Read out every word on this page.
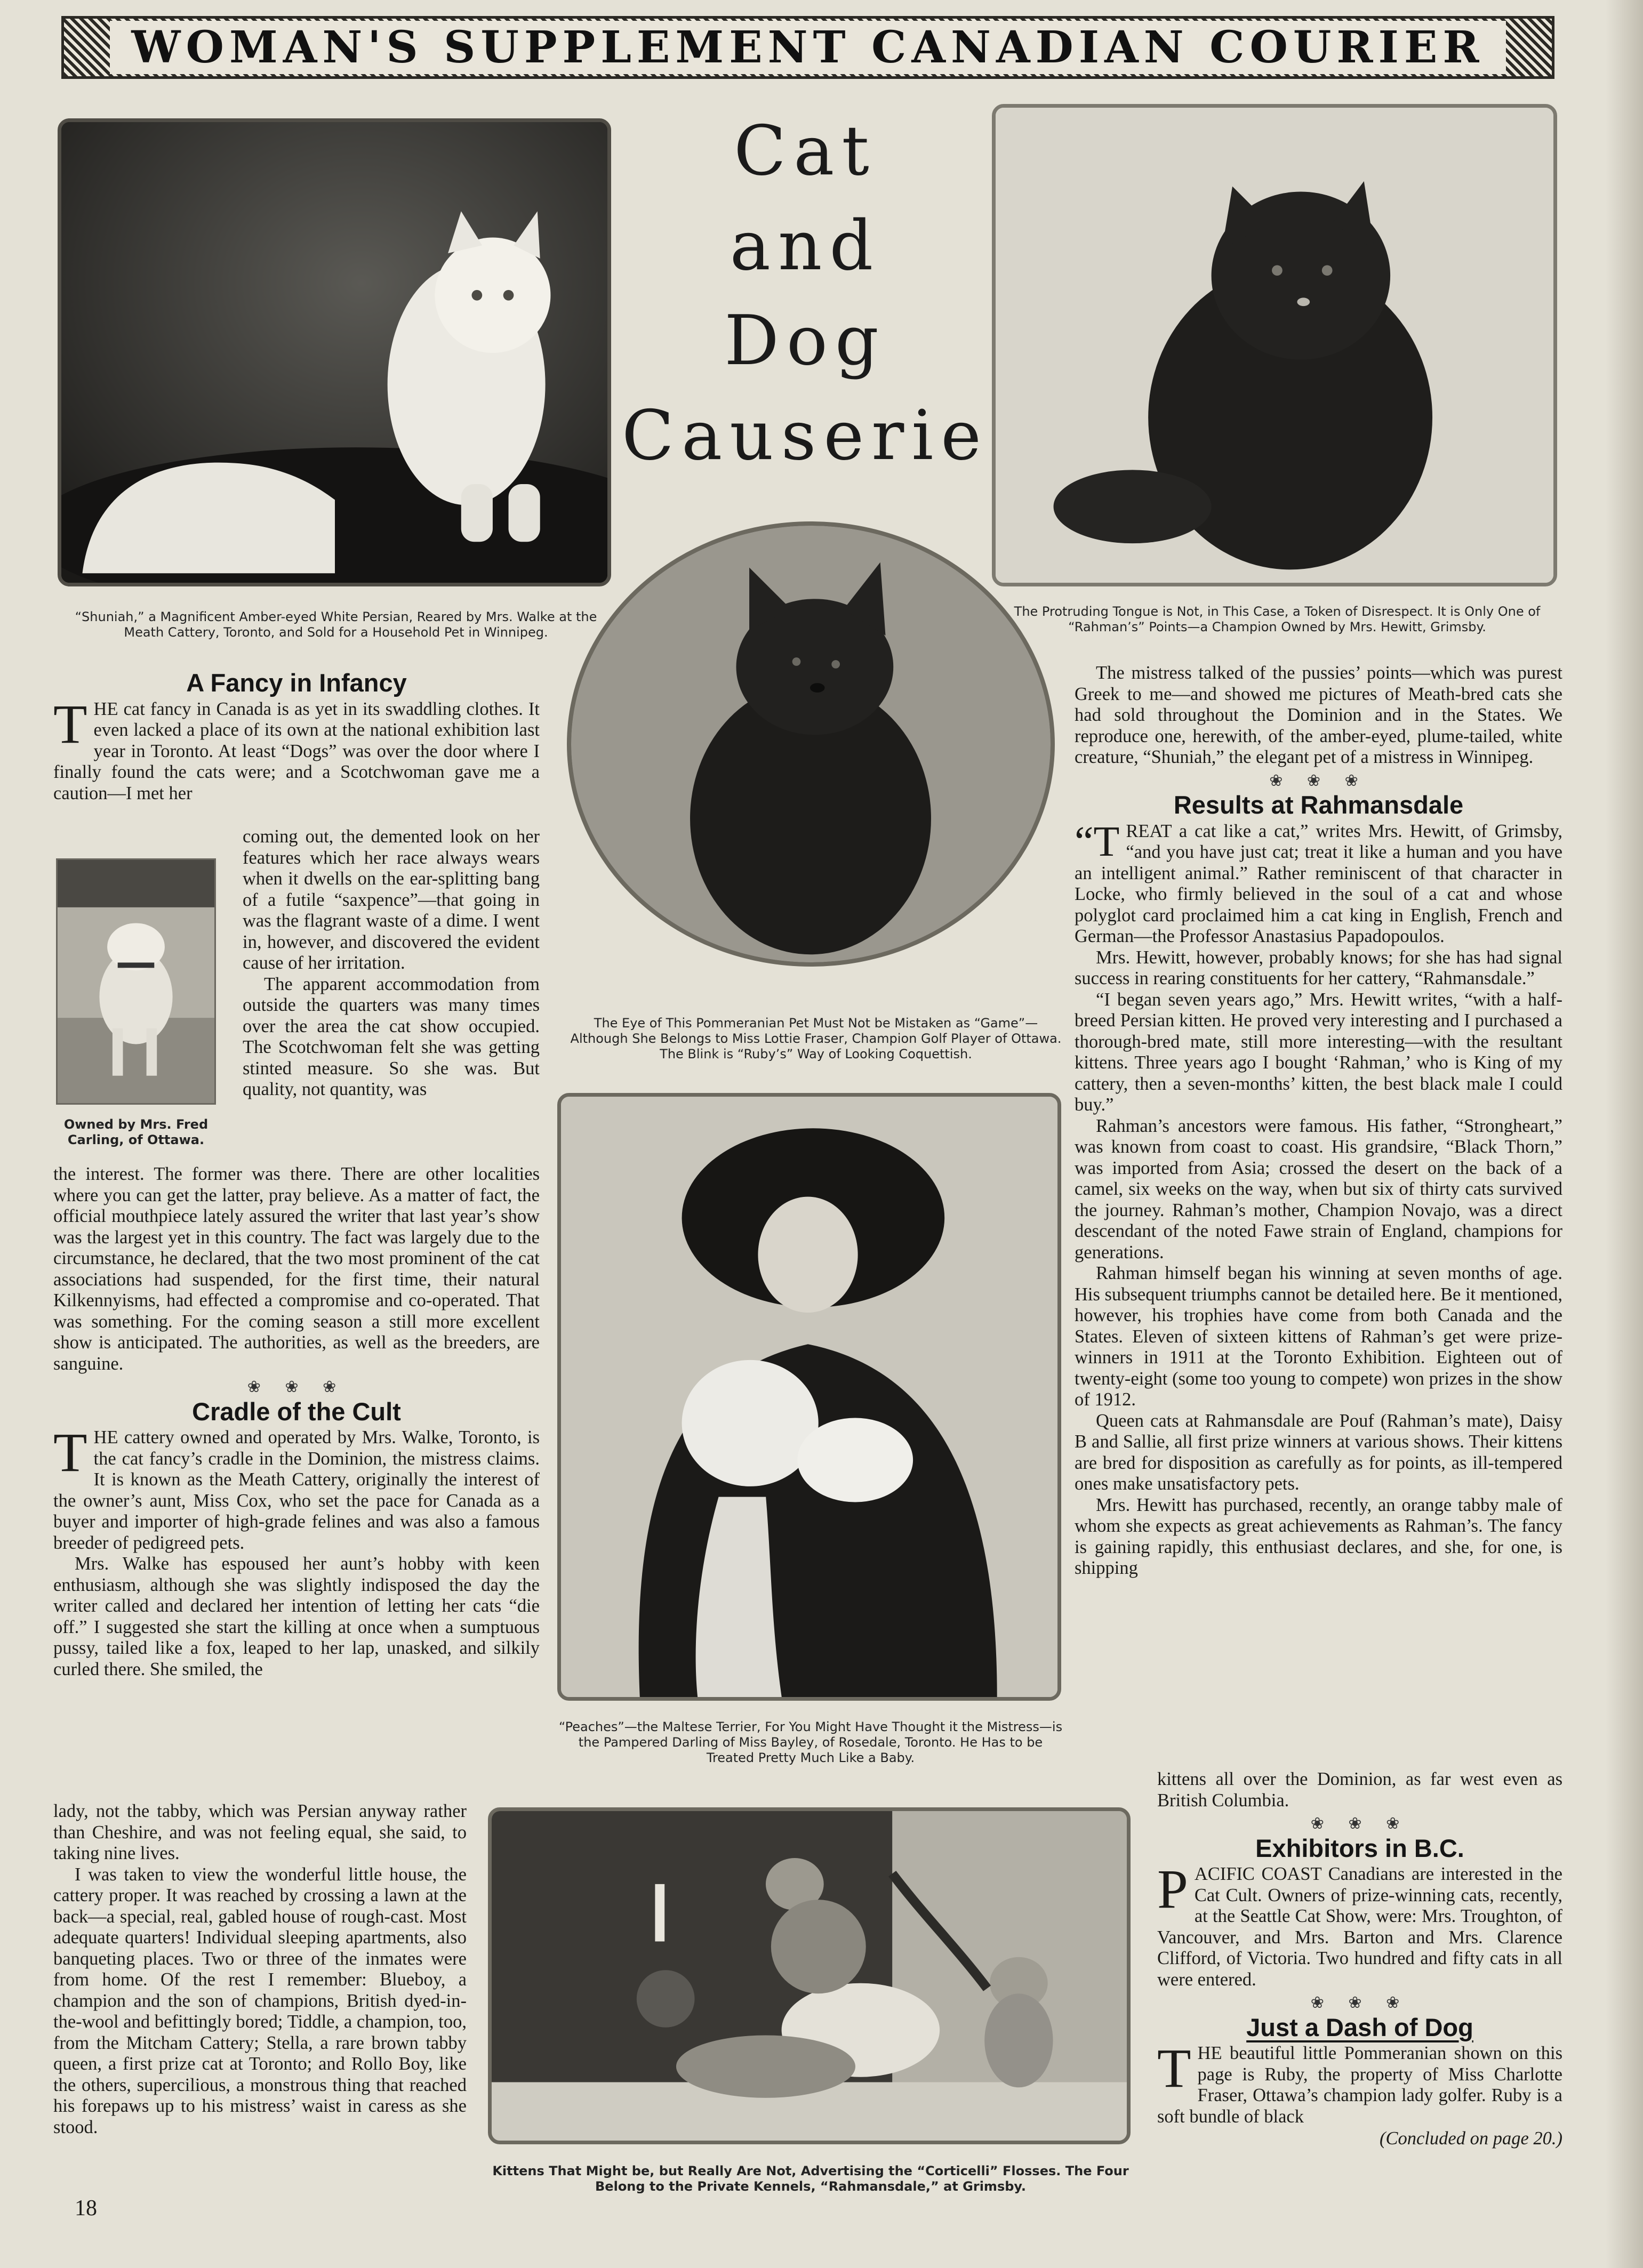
WOMAN'S SUPPLEMENT CANADIAN COURIER
Cat
and
Dog
Causerie
“Shuniah,” a Magnificent Amber-eyed White Persian, Reared by Mrs. Walke at the Meath Cattery, Toronto, and Sold for a Household Pet in Winnipeg.
The Protruding Tongue is Not, in This Case, a Token of Disrespect. It is Only One of “Rahman’s” Points—a Champion Owned by Mrs. Hewitt, Grimsby.
The Eye of This Pommeranian Pet Must Not be Mistaken as “Game”—Although She Belongs to Miss Lottie Fraser, Champion Golf Player of Ottawa. The Blink is “Ruby’s” Way of Looking Coquettish.
Owned by Mrs. Fred Carling, of Ottawa.
“Peaches”—the Maltese Terrier, For You Might Have Thought it the Mistress—is the Pampered Darling of Miss Bayley, of Rosedale, Toronto. He Has to be Treated Pretty Much Like a Baby.
Kittens That Might be, but Really Are Not, Advertising the “Corticelli” Flosses. The Four Belong to the Private Kennels, “Rahmansdale,” at Grimsby.
A Fancy in Infancy

THE cat fancy in Canada is as yet in its swaddling clothes. It even lacked a place of its own at the national exhibition last year in Toronto. At least “Dogs” was over the door where I finally found the cats were; and a Scotchwoman gave me a caution—I met her

coming out, the demented look on her features which her race always wears when it dwells on the ear-splitting bang of a futile “saxpence”—that going in was the flagrant waste of a dime. I went in, however, and discovered the evident cause of her irritation.

The apparent accommodation from outside the quarters was many times over the area the cat show occupied. The Scotchwoman felt she was getting stinted measure. So she was. But quality, not quantity, was

the interest. The former was there. There are other localities where you can get the latter, pray believe. As a matter of fact, the official mouthpiece lately assured the writer that last year’s show was the largest yet in this country. The fact was largely due to the circumstance, he declared, that the two most prominent of the cat associations had suspended, for the first time, their natural Kilkennyisms, had effected a compromise and co-operated. That was something. For the coming season a still more excellent show is anticipated. The authorities, as well as the breeders, are sanguine.

❀ ❀ ❀
Cradle of the Cult

THE cattery owned and operated by Mrs. Walke, Toronto, is the cat fancy’s cradle in the Dominion, the mistress claims. It is known as the Meath Cattery, originally the interest of the owner’s aunt, Miss Cox, who set the pace for Canada as a buyer and importer of high-grade felines and was also a famous breeder of pedigreed pets.

Mrs. Walke has espoused her aunt’s hobby with keen enthusiasm, although she was slightly indisposed the day the writer called and declared her intention of letting her cats “die off.” I suggested she start the killing at once when a sumptuous pussy, tailed like a fox, leaped to her lap, unasked, and silkily curled there. She smiled, the

lady, not the tabby, which was Persian anyway rather than Cheshire, and was not feeling equal, she said, to taking nine lives.

I was taken to view the wonderful little house, the cattery proper. It was reached by crossing a lawn at the back—a special, real, gabled house of rough-cast. Most adequate quarters! Individual sleeping apartments, also banqueting places. Two or three of the inmates were from home. Of the rest I remember: Blueboy, a champion and the son of champions, British dyed-in-the-wool and befittingly bored; Tiddle, a champion, too, from the Mitcham Cattery; Stella, a rare brown tabby queen, a first prize cat at Toronto; and Rollo Boy, like the others, supercilious, a monstrous thing that reached his forepaws up to his mistress’ waist in caress as she stood.

The mistress talked of the pussies’ points—which was purest Greek to me—and showed me pictures of Meath-bred cats she had sold throughout the Dominion and in the States. We reproduce one, herewith, of the amber-eyed, plume-tailed, white creature, “Shuniah,” the elegant pet of a mistress in Winnipeg.

❀ ❀ ❀
Results at Rahmansdale

“TREAT a cat like a cat,” writes Mrs. Hewitt, of Grimsby, “and you have just cat; treat it like a human and you have an intelligent animal.” Rather reminiscent of that character in Locke, who firmly believed in the soul of a cat and whose polyglot card proclaimed him a cat king in English, French and German—the Professor Anastasius Papadopoulos.

Mrs. Hewitt, however, probably knows; for she has had signal success in rearing constituents for her cattery, “Rahmansdale.”

“I began seven years ago,” Mrs. Hewitt writes, “with a half-breed Persian kitten. He proved very interesting and I purchased a thorough-bred mate, still more interesting—with the resultant kittens. Three years ago I bought ‘Rahman,’ who is King of my cattery, then a seven-months’ kitten, the best black male I could buy.”

Rahman’s ancestors were famous. His father, “Strongheart,” was known from coast to coast. His grandsire, “Black Thorn,” was imported from Asia; crossed the desert on the back of a camel, six weeks on the way, when but six of thirty cats survived the journey. Rahman’s mother, Champion Novajo, was a direct descendant of the noted Fawe strain of England, champions for generations.

Rahman himself began his winning at seven months of age. His subsequent triumphs cannot be detailed here. Be it mentioned, however, his trophies have come from both Canada and the States. Eleven of sixteen kittens of Rahman’s get were prize-winners in 1911 at the Toronto Exhibition. Eighteen out of twenty-eight (some too young to compete) won prizes in the show of 1912.

Queen cats at Rahmansdale are Pouf (Rahman’s mate), Daisy B and Sallie, all first prize winners at various shows. Their kittens are bred for disposition as carefully as for points, as ill-tempered ones make unsatisfactory pets.

Mrs. Hewitt has purchased, recently, an orange tabby male of whom she expects as great achievements as Rahman’s. The fancy is gaining rapidly, this enthusiast declares, and she, for one, is shipping

kittens all over the Dominion, as far west even as British Columbia.

❀ ❀ ❀
Exhibitors in B.C.

PACIFIC COAST Canadians are interested in the Cat Cult. Owners of prize-winning cats, recently, at the Seattle Cat Show, were: Mrs. Troughton, of Vancouver, and Mrs. Barton and Mrs. Clarence Clifford, of Victoria. Two hundred and fifty cats in all were entered.

❀ ❀ ❀
Just a Dash of Dog

THE beautiful little Pommeranian shown on this page is Ruby, the property of Miss Charlotte Fraser, Ottawa’s champion lady golfer. Ruby is a soft bundle of black

(Concluded on page 20.)
18
